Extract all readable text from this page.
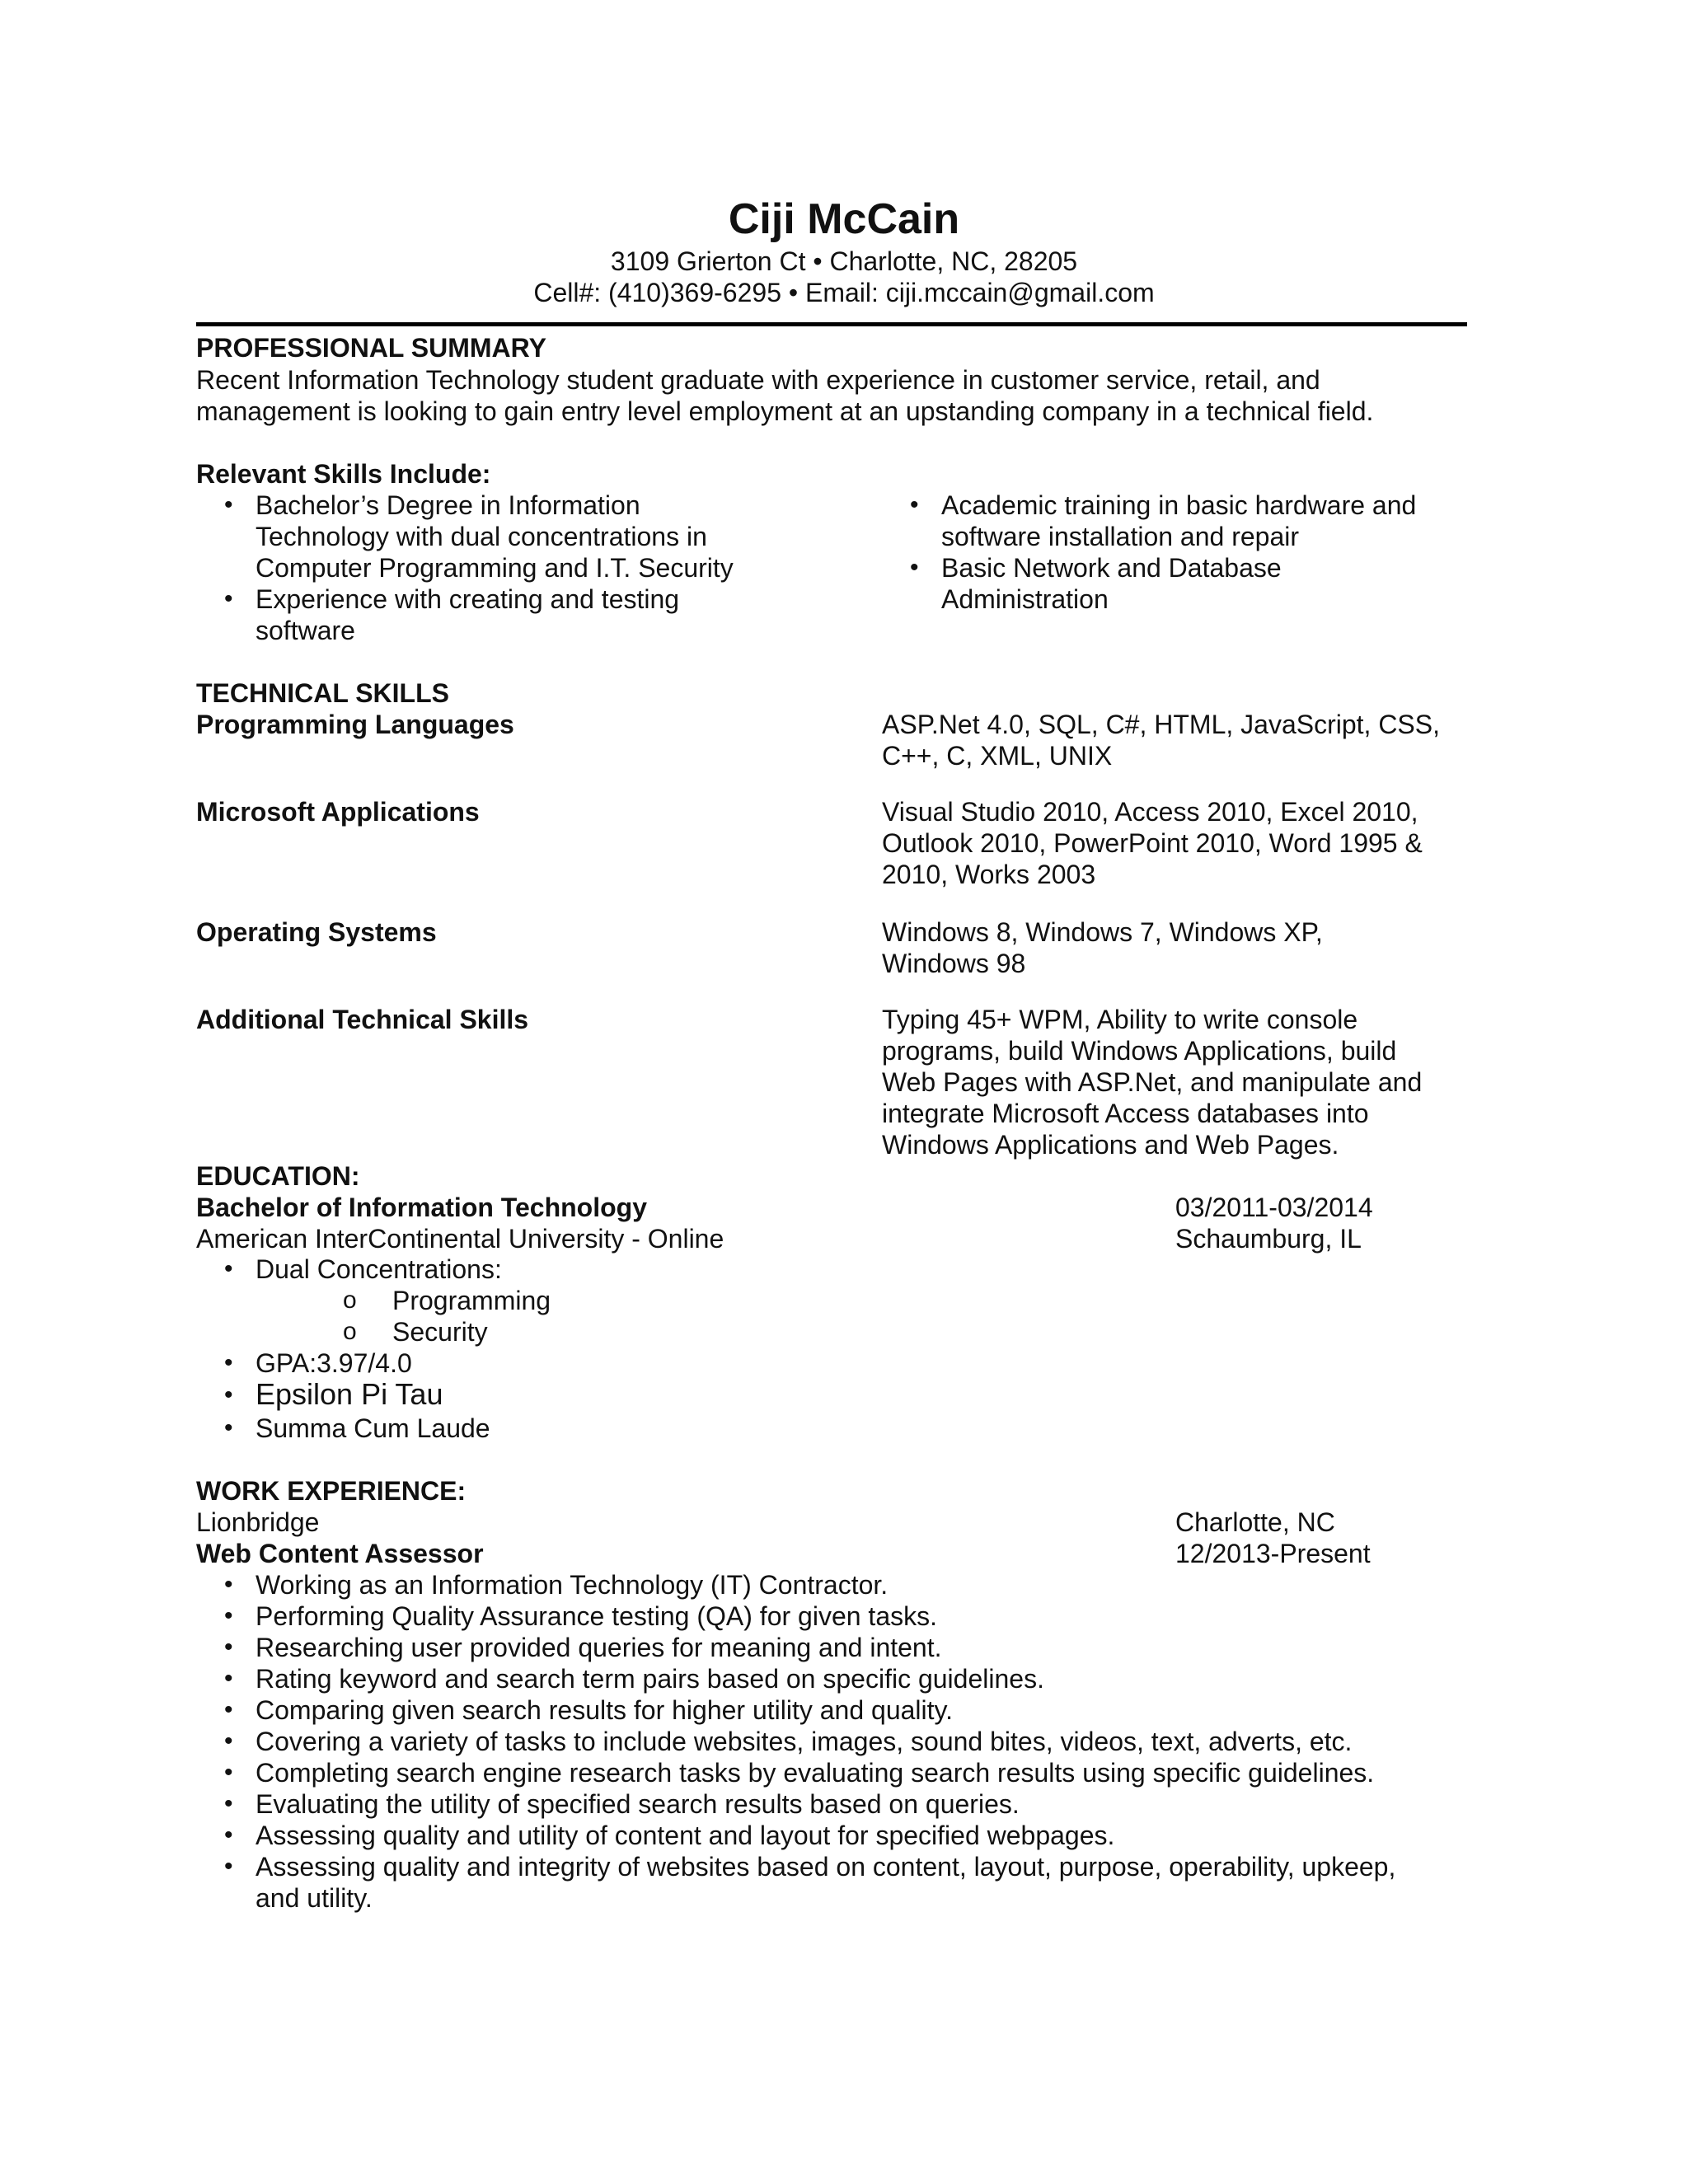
Ciji McCain
3109 Grierton Ct • Charlotte, NC, 28205
Cell#: (410)369-6295 • Email: ciji.mccain@gmail.com
PROFESSIONAL SUMMARY
Recent Information Technology student graduate with experience in customer service, retail, and
management is looking to gain entry level employment at an upstanding company in a technical field.
Relevant Skills Include:
• Bachelor’s Degree in Information
Technology with dual concentrations in
Computer Programming and I.T. Security
• Experience with creating and testing
software
• Academic training in basic hardware and
software installation and repair
• Basic Network and Database
Administration
TECHNICAL SKILLS
Programming Languages	ASP.Net 4.0, SQL, C#, HTML, JavaScript, CSS,
C++, C, XML, UNIX
Microsoft Applications	Visual Studio 2010, Access 2010, Excel 2010,
Outlook 2010, PowerPoint 2010, Word 1995 &
2010, Works 2003
Operating Systems	Windows 8, Windows 7, Windows XP,
Windows 98
Additional Technical Skills	Typing 45+ WPM, Ability to write console
programs, build Windows Applications, build
Web Pages with ASP.Net, and manipulate and
integrate Microsoft Access databases into
Windows Applications and Web Pages.
EDUCATION:
Bachelor of Information Technology	03/2011-03/2014
American InterContinental University - Online	Schaumburg, IL
• Dual Concentrations:
o Programming
o Security
• GPA:3.97/4.0
• Epsilon Pi Tau
• Summa Cum Laude
WORK EXPERIENCE:
Lionbridge	Charlotte, NC
Web Content Assessor	12/2013-Present
• Working as an Information Technology (IT) Contractor.
• Performing Quality Assurance testing (QA) for given tasks.
• Researching user provided queries for meaning and intent.
• Rating keyword and search term pairs based on specific guidelines.
• Comparing given search results for higher utility and quality.
• Covering a variety of tasks to include websites, images, sound bites, videos, text, adverts, etc.
• Completing search engine research tasks by evaluating search results using specific guidelines.
• Evaluating the utility of specified search results based on queries.
• Assessing quality and utility of content and layout for specified webpages.
• Assessing quality and integrity of websites based on content, layout, purpose, operability, upkeep,
and utility.
